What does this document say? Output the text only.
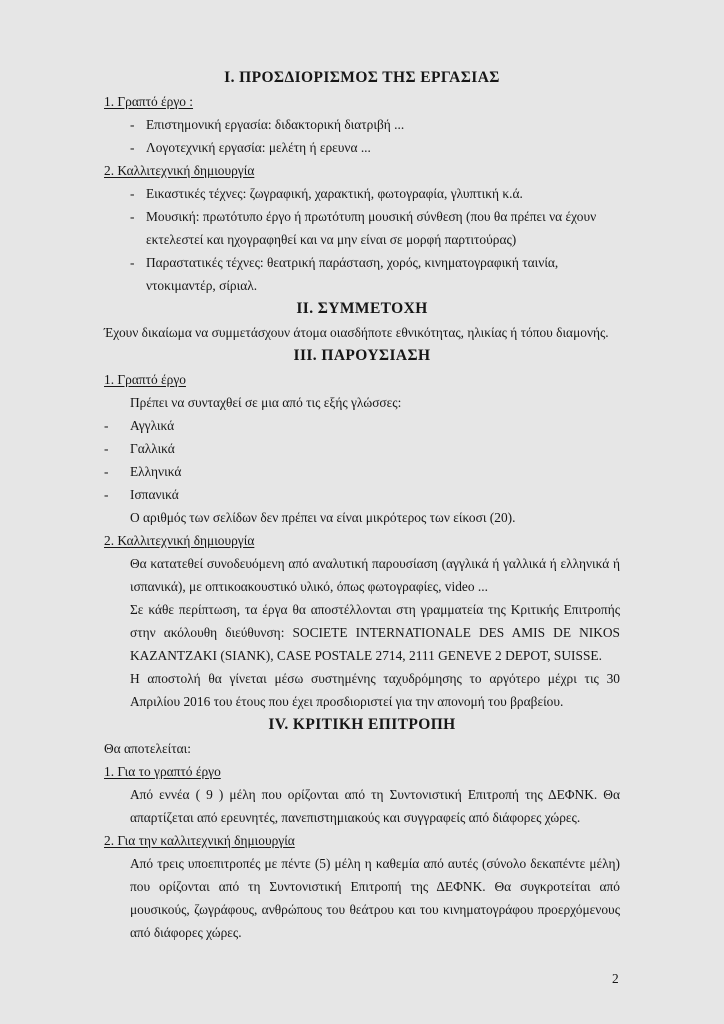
I. ΠΡΟΣΔΙΟΡΙΣΜΟΣ ΤΗΣ ΕΡΓΑΣΙΑΣ
1. Γραπτό έργο :
- Επιστημονική εργασία: διδακτορική διατριβή ...
- Λογοτεχνική εργασία: μελέτη ή ερευνα ...
2. Καλλιτεχνική δημιουργία
- Εικαστικές τέχνες: ζωγραφική, χαρακτική, φωτογραφία, γλυπτική κ.ά.
- Μουσική: πρωτότυπο έργο ή πρωτότυπη μουσική σύνθεση (που θα πρέπει να έχουν εκτελεστεί και ηχογραφηθεί και να μην είναι σε μορφή παρτιτούρας)
- Παραστατικές τέχνες: θεατρική παράσταση, χορός, κινηματογραφική ταινία, ντοκιμαντέρ, σίριαλ.
II. ΣΥΜΜΕΤΟΧΗ
Έχουν δικαίωμα να συμμετάσχουν άτομα οιασδήποτε εθνικότητας, ηλικίας ή τόπου διαμονής.
III. ΠΑΡΟΥΣΙΑΣΗ
1. Γραπτό έργο
Πρέπει να συνταχθεί σε μια από τις εξής γλώσσες:
- Αγγλικά
- Γαλλικά
- Ελληνικά
- Ισπανικά
Ο αριθμός των σελίδων δεν πρέπει να είναι μικρότερος των είκοσι (20).
2. Καλλιτεχνική δημιουργία
Θα κατατεθεί συνοδευόμενη από αναλυτική παρουσίαση (αγγλικά ή γαλλικά ή ελληνικά ή ισπανικά), με οπτικοακουστικό υλικό, όπως φωτογραφίες, video ...
Σε κάθε περίπτωση, τα έργα θα αποστέλλονται στη γραμματεία της Κριτικής Επιτροπής στην ακόλουθη διεύθυνση: SOCIETE INTERNATIONALE DES AMIS DE NIKOS KAZANTZAKI (SIANK), CASE POSTALE 2714, 2111 GENEVE 2 DEPOT, SUISSE.
Η αποστολή θα γίνεται μέσω συστημένης ταχυδρόμησης το αργότερο μέχρι τις 30 Απριλίου 2016 του έτους που έχει προσδιοριστεί για την απονομή του βραβείου.
IV. ΚΡΙΤΙΚΗ ΕΠΙΤΡΟΠΗ
Θα αποτελείται:
1. Για το γραπτό έργο
Από εννέα ( 9 ) μέλη που ορίζονται από τη Συντονιστική Επιτροπή της ΔΕΦΝΚ. Θα απαρτίζεται από ερευνητές, πανεπιστημιακούς και συγγραφείς από διάφορες χώρες.
2. Για την καλλιτεχνική δημιουργία
Από τρεις υποεπιτροπές με πέντε (5) μέλη η καθεμία από αυτές (σύνολο δεκαπέντε μέλη) που ορίζονται από τη Συντονιστική Επιτροπή της ΔΕΦΝΚ. Θα συγκροτείται από μουσικούς, ζωγράφους, ανθρώπους του θεάτρου και του κινηματογράφου προερχόμενους από διάφορες χώρες.
2
